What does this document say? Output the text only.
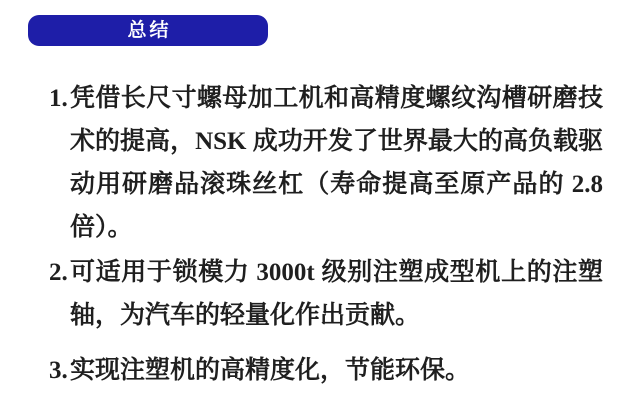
总结
1. 凭借长尺寸螺母加工机和高精度螺纹沟槽研磨技
术的提高，NSK 成功开发了世界最大的高负载驱
动用研磨品滚珠丝杠（寿命提高至原产品的 2.8
倍）。
2. 可适用于锁模力 3000t 级别注塑成型机上的注塑
轴，为汽车的轻量化作出贡献。
3. 实现注塑机的高精度化，节能环保。
